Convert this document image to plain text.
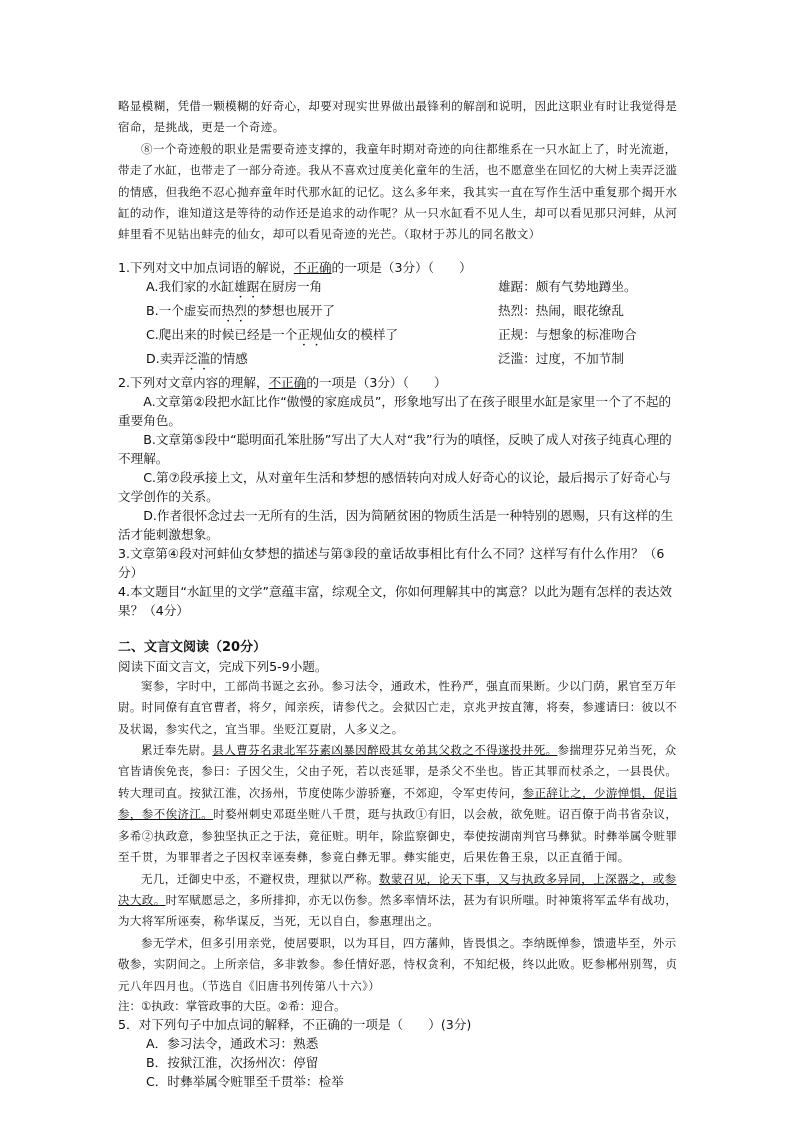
略显模糊，凭借一颗模糊的好奇心，却要对现实世界做出最锋利的解剖和说明，因此这职业有时让我觉得是宿命，是挑战，更是一个奇迹。

⑧一个奇迹般的职业是需要奇迹支撑的，我童年时期对奇迹的向往都维系在一只水缸上了，时光流逝，带走了水缸，也带走了一部分奇迹。我从不喜欢过度美化童年的生活，也不愿意坐在回忆的大树上卖弄泛滥的情感，但我绝不忍心抛弃童年时代那水缸的记忆。这么多年来，我其实一直在写作生活中重复那个揭开水缸的动作，谁知道这是等待的动作还是追求的动作呢？从一只水缸看不见人生，却可以看见那只河蚌，从河蚌里看不见钻出蚌壳的仙女，却可以看见奇迹的光芒。（取材于苏儿的同名散文）

1.下列对文中加点词语的解说，不正确的一项是（3分）（　　）

A.我们家的水缸雄踞在厨房一角	雄踞：颇有气势地蹲坐。
B.一个虚妄而热烈的梦想也展开了	热烈：热闹，眼花缭乱
C.爬出来的时候已经是一个正规仙女的模样了	正规：与想象的标准吻合
D.卖弄泛滥的情感	泛滥：过度，不加节制

2.下列对文章内容的理解，不正确的一项是（3分）（　　）

A.文章第②段把水缸比作“傲慢的家庭成员”，形象地写出了在孩子眼里水缸是家里一个了不起的重要角色。

B.文章第⑤段中“聪明面孔笨肚肠”写出了大人对“我”行为的嗔怪，反映了成人对孩子纯真心理的不理解。

C.第⑦段承接上文，从对童年生活和梦想的感悟转向对成人好奇心的议论，最后揭示了好奇心与文学创作的关系。

D.作者很怀念过去一无所有的生活，因为简陋贫困的物质生活是一种特别的恩赐，只有这样的生活才能刺激想象。

3.文章第④段对河蚌仙女梦想的描述与第③段的童话故事相比有什么不同？这样写有什么作用？（6分）

4.本文题目“水缸里的文学”意蕴丰富，综观全文，你如何理解其中的寓意？以此为题有怎样的表达效果？（4分）

二、文言文阅读（20分）

阅读下面文言文，完成下列5-9小题。

窦参，字时中，工部尚书诞之玄孙。参习法令，通政术，性矜严，强直而果断。少以门荫，累官至万年尉。时同僚有直官曹者，将夕，闻亲疾，请参代之。会狱囚亡走，京兆尹按直簿，将奏，参遽请曰：彼以不及状谒，参实代之，宜当罪。坐贬江夏尉，人多义之。

累迁奉先尉。县人曹芬名隶北军芬素凶暴因醉殴其女弟其父救之不得遂投井死。参揣理芬兄弟当死，众官皆请俟免丧，参曰：子因父生，父由子死，若以丧延罪，是杀父不坐也。皆正其罪而杖杀之，一县畏伏。转大理司直。按狱江淮，次扬州，节度使陈少游骄蹇，不郊迎，令军吏传问，参正辞让之，少游惮惧，促诣参，参不俟济江。时婺州刺史邓珽坐赃八千贯，珽与执政①有旧，以会赦，欲免赃。诏百僚于尚书省杂议，多希②执政意，参独坚执正之于法，竟征赃。明年，除监察御史，奉使按湖南判官马彝狱。时彝举属令赃罪至千贯，为罪罪者之子因权幸诬奏彝，参竟白彝无罪。彝实能吏，后果佐鲁王泉，以正直循于闻。

无几，迁御史中丞，不避权贵，理狱以严称。数蒙召见，论天下事，又与执政多异同，上深器之，或参决大政。时军赋愿忌之，多所排抑，亦无以伤参。然多率情坏法，甚为有识所嗤。时神策将军孟华有战功，为大将军所诬奏，称华谋反，当死，无以自白，参惠理出之。

参无学术，但多引用亲党，使居要职，以为耳目，四方藩帅，皆畏惧之。李纳既惮参，馈遗毕至，外示敬参，实阴间之。上所亲信，多非敦参。参任情好恶，恃权贪利，不知纪极，终以此败。贬参郴州别驾，贞元八年四月也。（节选自《旧唐书列传第八十六》）

注：①执政：掌管政事的大臣。②希：迎合。

5．对下列句子中加点词的解释，不正确的一项是（　　）(3分)

A．参习法令，通政术习：熟悉

B．按狱江淮，次扬州次：停留

C．时彝举属令赃罪至千贯举：检举
